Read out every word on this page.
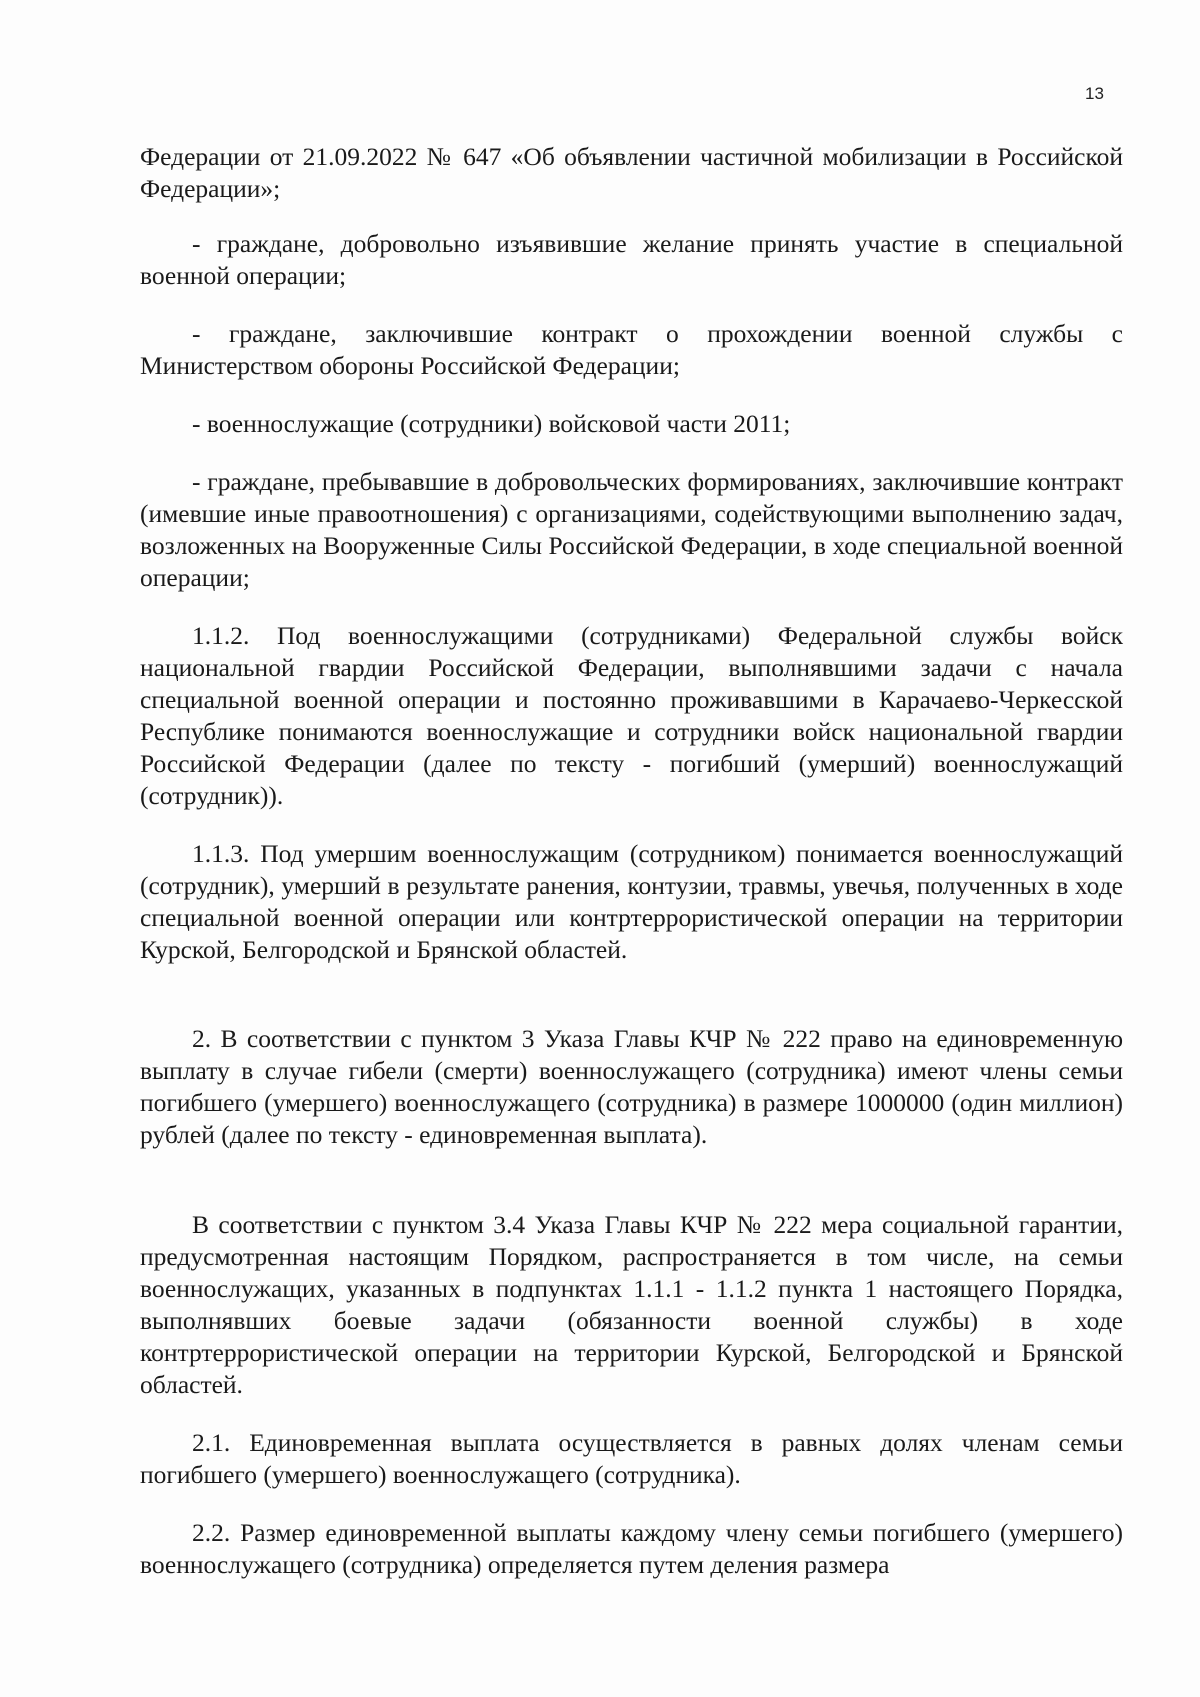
13

Федерации от 21.09.2022 № 647 «Об объявлении частичной мобилизации в Российской Федерации»;

- граждане, добровольно изъявившие желание принять участие в специальной военной операции;

- граждане, заключившие контракт о прохождении военной службы с Министерством обороны Российской Федерации;

- военнослужащие (сотрудники) войсковой части 2011;

- граждане, пребывавшие в добровольческих формированиях, заключившие контракт (имевшие иные правоотношения) с организациями, содействующими выполнению задач, возложенных на Вооруженные Силы Российской Федерации, в ходе специальной военной операции;

1.1.2. Под военнослужащими (сотрудниками) Федеральной службы войск национальной гвардии Российской Федерации, выполнявшими задачи с начала специальной военной операции и постоянно проживавшими в Карачаево-Черкесской Республике понимаются военнослужащие и сотрудники войск национальной гвардии Российской Федерации (далее по тексту - погибший (умерший) военнослужащий (сотрудник)).

1.1.3. Под умершим военнослужащим (сотрудником) понимается военнослужащий (сотрудник), умерший в результате ранения, контузии, травмы, увечья, полученных в ходе специальной военной операции или контртеррористической операции на территории Курской, Белгородской и Брянской областей.

2. В соответствии с пунктом 3 Указа Главы КЧР № 222 право на единовременную выплату в случае гибели (смерти) военнослужащего (сотрудника) имеют члены семьи погибшего (умершего) военнослужащего (сотрудника) в размере 1000000 (один миллион) рублей (далее по тексту - единовременная выплата).

В соответствии с пунктом 3.4 Указа Главы КЧР № 222 мера социальной гарантии, предусмотренная настоящим Порядком, распространяется в том числе, на семьи военнослужащих, указанных в подпунктах 1.1.1 - 1.1.2 пункта 1 настоящего Порядка, выполнявших боевые задачи (обязанности военной службы) в ходе контртеррористической операции на территории Курской, Белгородской и Брянской областей.

2.1. Единовременная выплата осуществляется в равных долях членам семьи погибшего (умершего) военнослужащего (сотрудника).

2.2. Размер единовременной выплаты каждому члену семьи погибшего (умершего) военнослужащего (сотрудника) определяется путем деления размера
